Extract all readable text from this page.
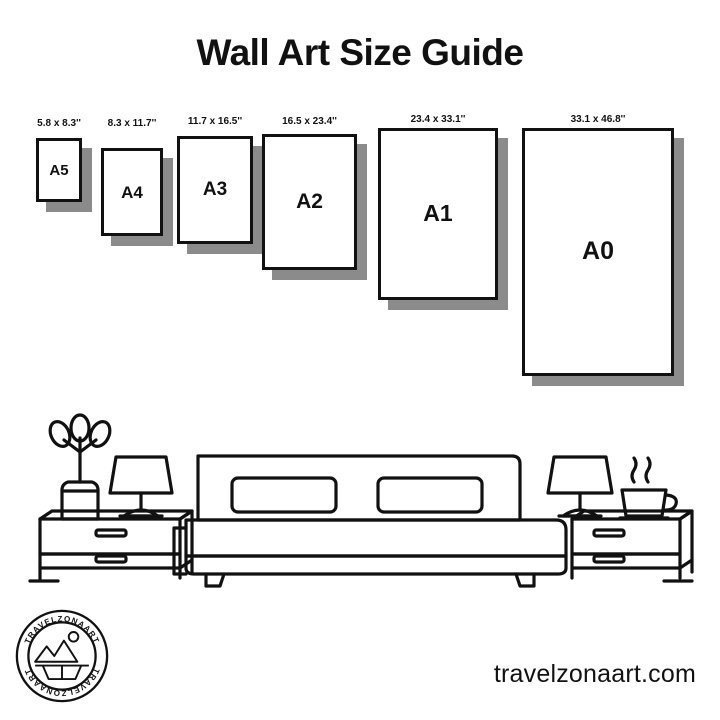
Wall Art Size Guide
A5
5.8 x 8.3''
A4
8.3 x 11.7''
A3
11.7 x 16.5''
A2
16.5 x 23.4''
A1
23.4 x 33.1''
A0
33.1 x 46.8''
TRAVELZONAART
TRAVELZONAART	travelzonaart.com
